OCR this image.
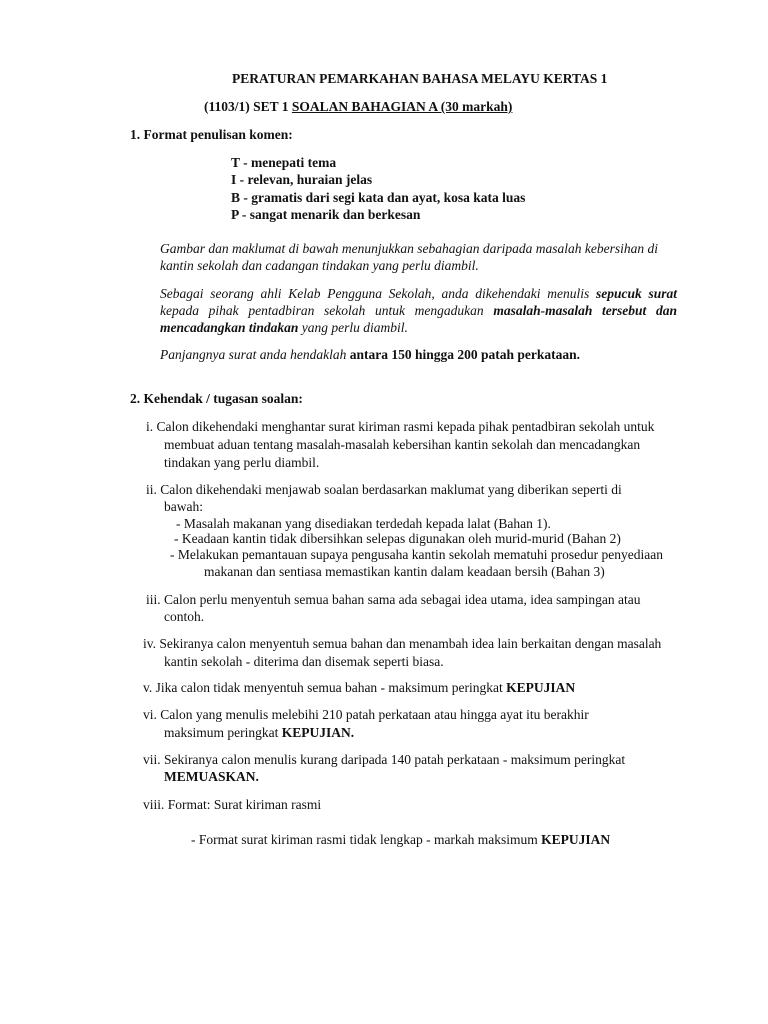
PERATURAN PEMARKAHAN BAHASA MELAYU KERTAS 1
(1103/1) SET 1 SOALAN BAHAGIAN A (30 markah)
1. Format penulisan komen:
T - menepati tema
I - relevan, huraian jelas
B - gramatis dari segi kata dan ayat, kosa kata luas
P - sangat menarik dan berkesan

Gambar dan maklumat di bawah menunjukkan sebahagian daripada masalah kebersihan di kantin sekolah dan cadangan tindakan yang perlu diambil.

Sebagai seorang ahli Kelab Pengguna Sekolah, anda dikehendaki menulis sepucuk surat kepada pihak pentadbiran sekolah untuk mengadukan masalah-masalah tersebut dan mencadangkan tindakan yang perlu diambil.

Panjangnya surat anda hendaklah antara 150 hingga 200 patah perkataan.
2. Kehendak / tugasan soalan:
i. Calon dikehendaki menghantar surat kiriman rasmi kepada pihak pentadbiran sekolah untuk
membuat aduan tentang masalah-masalah kebersihan kantin sekolah dan mencadangkan
tindakan yang perlu diambil.
ii. Calon dikehendaki menjawab soalan berdasarkan maklumat yang diberikan seperti di
bawah:
- Masalah makanan yang disediakan terdedah kepada lalat (Bahan 1).
- Keadaan kantin tidak dibersihkan selepas digunakan oleh murid-murid (Bahan 2)
- Melakukan pemantauan supaya pengusaha kantin sekolah mematuhi prosedur penyediaan
makanan dan sentiasa memastikan kantin dalam keadaan bersih (Bahan 3)
iii. Calon perlu menyentuh semua bahan sama ada sebagai idea utama, idea sampingan atau
contoh.
iv. Sekiranya calon menyentuh semua bahan dan menambah idea lain berkaitan dengan masalah
kantin sekolah - diterima dan disemak seperti biasa.
v. Jika calon tidak menyentuh semua bahan - maksimum peringkat KEPUJIAN
vi. Calon yang menulis melebihi 210 patah perkataan atau hingga ayat itu berakhir
maksimum peringkat KEPUJIAN.
vii. Sekiranya calon menulis kurang daripada 140 patah perkataan - maksimum peringkat
MEMUASKAN.
viii. Format: Surat kiriman rasmi
- Format surat kiriman rasmi tidak lengkap - markah maksimum KEPUJIAN
